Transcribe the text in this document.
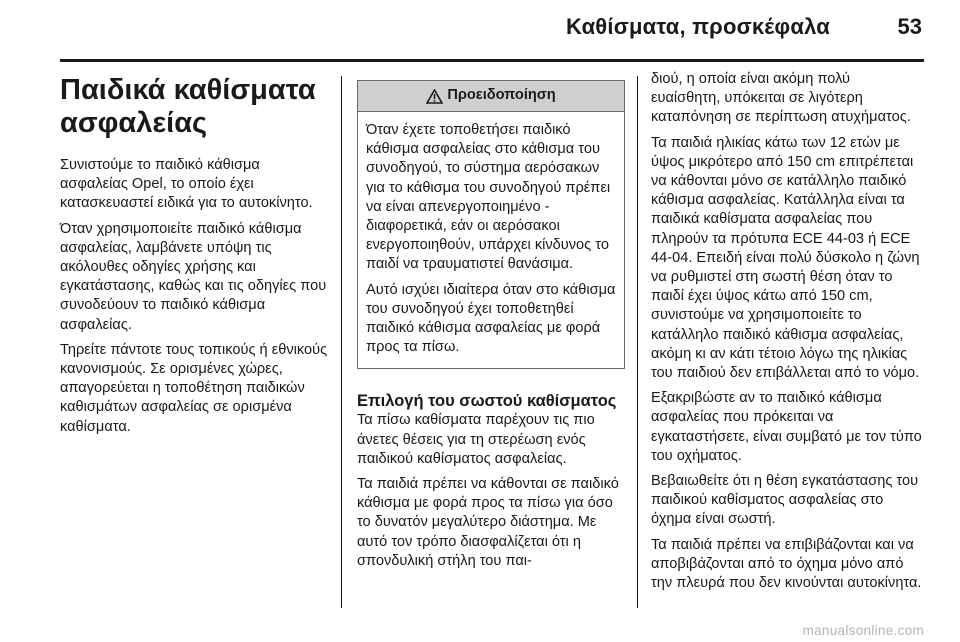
Καθίσματα, προσκέφαλα	53
Παιδικά καθίσματα ασφαλείας

Συνιστούμε το παιδικό κάθισμα ασφαλείας Opel, το οποίο έχει κατασκευαστεί ειδικά για το αυτοκίνητο.

Όταν χρησιμοποιείτε παιδικό κάθισμα ασφαλείας, λαμβάνετε υπόψη τις ακόλουθες οδηγίες χρήσης και εγκατάστασης, καθώς και τις οδηγίες που συνοδεύουν το παιδικό κάθισμα ασφαλείας.

Τηρείτε πάντοτε τους τοπικούς ή εθνικούς κανονισμούς. Σε ορισμένες χώρες, απαγορεύεται η τοποθέτηση παιδικών καθισμάτων ασφαλείας σε ορισμένα καθίσματα.

Προειδοποίηση

Όταν έχετε τοποθετήσει παιδικό κάθισμα ασφαλείας στο κάθισμα του συνοδηγού, το σύστημα αερόσακων για το κάθισμα του συνοδηγού πρέπει να είναι απενεργοποιημένο - διαφορετικά, εάν οι αερόσακοι ενεργοποιηθούν, υπάρχει κίνδυνος το παιδί να τραυματιστεί θανάσιμα.

Αυτό ισχύει ιδιαίτερα όταν στο κάθισμα του συνοδηγού έχει τοποθετηθεί παιδικό κάθισμα ασφαλείας με φορά προς τα πίσω.

Επιλογή του σωστού καθίσματος

Τα πίσω καθίσματα παρέχουν τις πιο άνετες θέσεις για τη στερέωση ενός παιδικού καθίσματος ασφαλείας.

Τα παιδιά πρέπει να κάθονται σε παιδικό κάθισμα με φορά προς τα πίσω για όσο το δυνατόν μεγαλύτερο διάστημα. Με αυτό τον τρόπο διασφαλίζεται ότι η σπονδυλική στήλη του παι-

διού, η οποία είναι ακόμη πολύ ευαίσθητη, υπόκειται σε λιγότερη καταπόνηση σε περίπτωση ατυχήματος.

Τα παιδιά ηλικίας κάτω των 12 ετών με ύψος μικρότερο από 150 cm επιτρέπεται να κάθονται μόνο σε κατάλληλο παιδικό κάθισμα ασφαλείας. Κατάλληλα είναι τα παιδικά καθίσματα ασφαλείας που πληρούν τα πρότυπα ECE 44-03 ή ECE 44-04. Επειδή είναι πολύ δύσκολο η ζώνη να ρυθμιστεί στη σωστή θέση όταν το παιδί έχει ύψος κάτω από 150 cm, συνιστούμε να χρησιμοποιείτε το κατάλληλο παιδικό κάθισμα ασφαλείας, ακόμη κι αν κάτι τέτοιο λόγω της ηλικίας του παιδιού δεν επιβάλλεται από το νόμο.

Εξακριβώστε αν το παιδικό κάθισμα ασφαλείας που πρόκειται να εγκαταστήσετε, είναι συμβατό με τον τύπο του οχήματος.

Βεβαιωθείτε ότι η θέση εγκατάστασης του παιδικού καθίσματος ασφαλείας στο όχημα είναι σωστή.

Τα παιδιά πρέπει να επιβιβάζονται και να αποβιβάζονται από το όχημα μόνο από την πλευρά που δεν κινούνται αυτοκίνητα.

manualsonline.com
